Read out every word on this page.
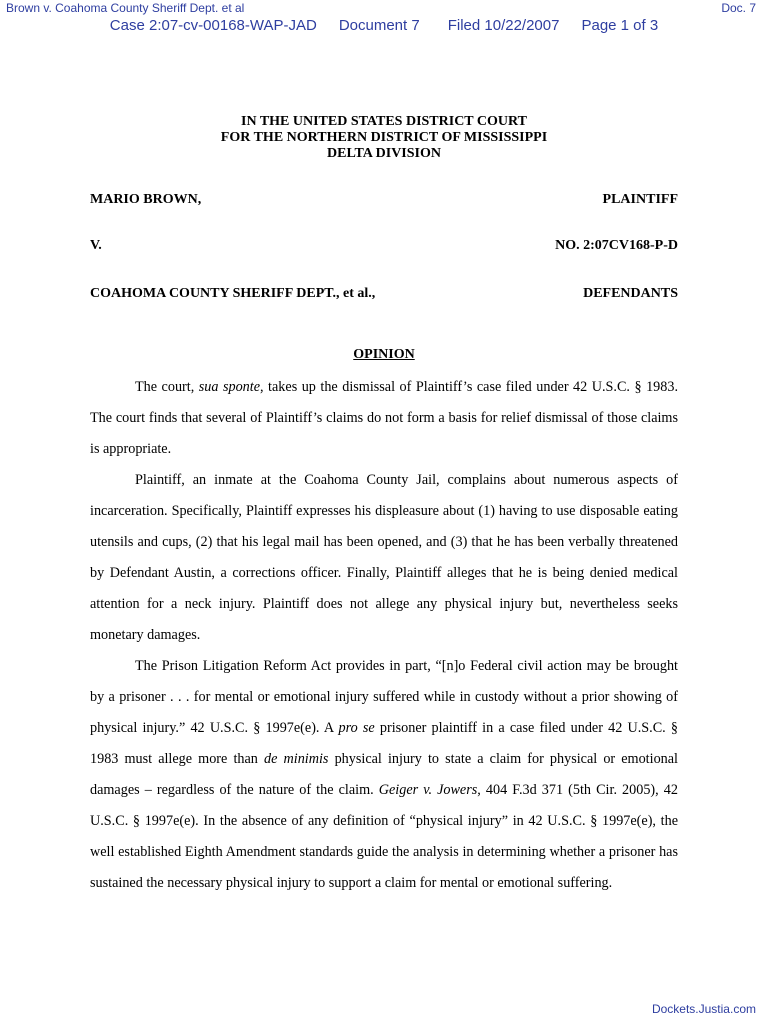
Brown v. Coahoma County Sheriff Dept. et al	Doc. 7
Case 2:07-cv-00168-WAP-JAD Document 7 Filed 10/22/2007 Page 1 of 3
IN THE UNITED STATES DISTRICT COURT
FOR THE NORTHERN DISTRICT OF MISSISSIPPI
DELTA DIVISION
MARIO BROWN,	PLAINTIFF
V.	NO. 2:07CV168-P-D
COAHOMA COUNTY SHERIFF DEPT., et al.,	DEFENDANTS
OPINION

The court, sua sponte, takes up the dismissal of Plaintiff’s case filed under 42 U.S.C. § 1983. The court finds that several of Plaintiff’s claims do not form a basis for relief dismissal of those claims is appropriate.

Plaintiff, an inmate at the Coahoma County Jail, complains about numerous aspects of incarceration. Specifically, Plaintiff expresses his displeasure about (1) having to use disposable eating utensils and cups, (2) that his legal mail has been opened, and (3) that he has been verbally threatened by Defendant Austin, a corrections officer. Finally, Plaintiff alleges that he is being denied medical attention for a neck injury. Plaintiff does not allege any physical injury but, nevertheless seeks monetary damages.

The Prison Litigation Reform Act provides in part, “[n]o Federal civil action may be brought by a prisoner . . . for mental or emotional injury suffered while in custody without a prior showing of physical injury.” 42 U.S.C. § 1997e(e). A pro se prisoner plaintiff in a case filed under 42 U.S.C. § 1983 must allege more than de minimis physical injury to state a claim for physical or emotional damages – regardless of the nature of the claim. Geiger v. Jowers, 404 F.3d 371 (5th Cir. 2005), 42 U.S.C. § 1997e(e). In the absence of any definition of “physical injury” in 42 U.S.C. § 1997e(e), the well established Eighth Amendment standards guide the analysis in determining whether a prisoner has sustained the necessary physical injury to support a claim for mental or emotional suffering.

Dockets.Justia.com
